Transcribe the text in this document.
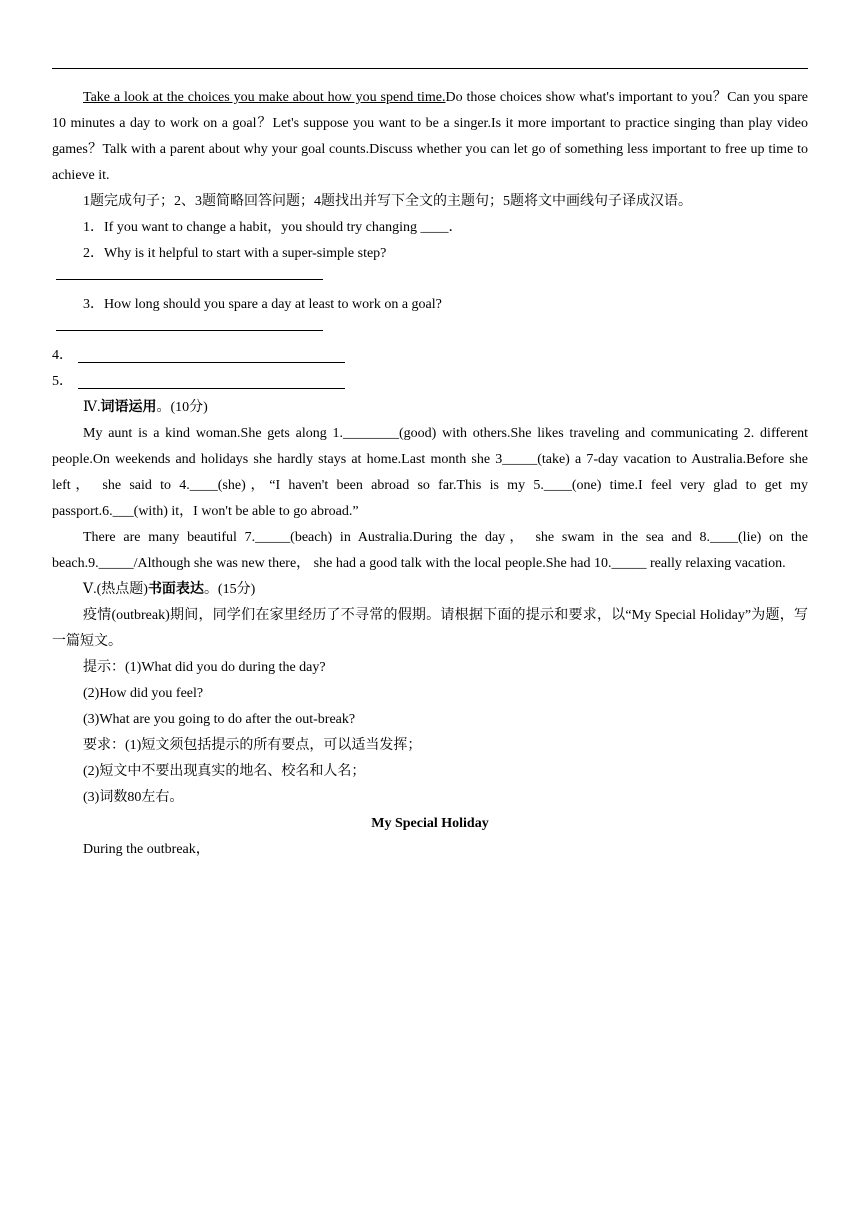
Take a look at the choices you make about how you spend time.Do those choices show what's important to you？Can you spare 10 minutes a day to work on a goal？Let's suppose you want to be a singer.Is it more important to practice singing than play video games？Talk with a parent about why your goal counts.Discuss whether you can let go of something less important to free up time to achieve it.

1题完成句子；2、3题简略回答问题；4题找出并写下全文的主题句；5题将文中画线句子译成汉语。

1．If you want to change a habit，you should try changing ____．

2．Why is it helpful to start with a super-simple step?

3．How long should you spare a day at least to work on a goal?

4．
5．

Ⅳ.词语运用。(10分)

My aunt is a kind woman.She gets along 1.________(good) with others.She likes traveling and communicating 2. different people.On weekends and holidays she hardly stays at home.Last month she 3_____(take) a 7-day vacation to Australia.Before she left， she said to 4.____(she)，“I haven't been abroad so far.This is my 5.____(one) time.I feel very glad to get my passport.6.___(with) it，I won't be able to go abroad.”

There are many beautiful 7._____(beach) in Australia.During the day， she swam in the sea and 8.____(lie) on the beach.9._____/Although she was new there， she had a good talk with the local people.She had 10._____ really relaxing vacation.

Ⅴ.(热点题)书面表达。(15分)

疫情(outbreak)期间，同学们在家里经历了不寻常的假期。请根据下面的提示和要求，以“My Special Holiday”为题，写一篇短文。

提示：(1)What did you do during the day?

(2)How did you feel?

(3)What are you going to do after the out-break?

要求：(1)短文须包括提示的所有要点，可以适当发挥；

(2)短文中不要出现真实的地名、校名和人名；

(3)词数80左右。

My Special Holiday

During the outbreak，
